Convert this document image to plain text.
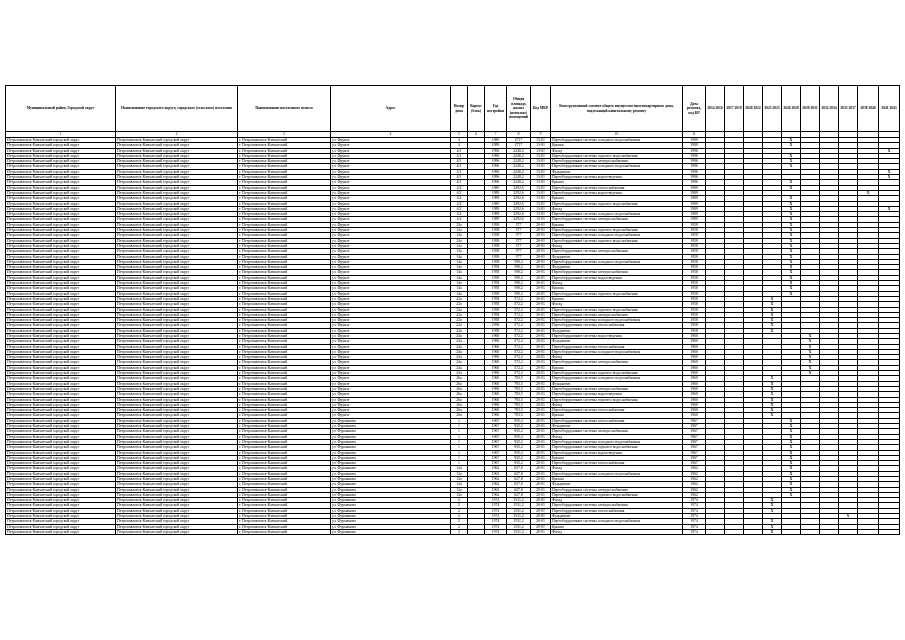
Муниципальный район, Городской округ	Наименование городского округа, городского (сельского) поселения	Наименование населенного пункта	Адрес	Номер дома	Корпус (блок)	Год постройки	Общая площадь жилых (нежилых) помещений	Код МКР	Конструктивный элемент общего имущества многоквартирного дома, подлежащий капитальному ремонту	Дата ремонта, код КР	2014 2016	2017 2019	2020 2022	2023 2025	2026 2028	2029 2031	2032 2034	2035 2037	2038 2040	2041 2043
1	2	3	4	5	6	7	8	9	10	11										
Петропавловск-Камчатский городской округ	Петропавловск-Камчатский городской округ	г. Петропавловск-Камчатский	ул. Фрунзе	4		1989	2717	13-01	Переоборудование системы холодного водоснабжения	1989					X					
Петропавловск-Камчатский городской округ	Петропавловск-Камчатский городской округ	г. Петропавловск-Камчатский	ул. Фрунзе	4		1989	2717	13-01	Крыша	1989					X					
Петропавловск-Камчатский городской округ	Петропавловск-Камчатский городской округ	г. Петропавловск-Камчатский	ул. Фрунзе	4/1		1996	2240,2	13-01	Фасад	1996										X
Петропавловск-Камчатский городской округ	Петропавловск-Камчатский городской округ	г. Петропавловск-Камчатский	ул. Фрунзе	4/1		1996	2240,2	13-01	Переоборудование системы горячего водоснабжения	1996					X					
Петропавловск-Камчатский городской округ	Петропавловск-Камчатский городской округ	г. Петропавловск-Камчатский	ул. Фрунзе	4/1		1996	2240,2	13-01	Переоборудование системы электроснабжения	1996					X					
Петропавловск-Камчатский городской округ	Петропавловск-Камчатский городской округ	г. Петропавловск-Камчатский	ул. Фрунзе	4/1		1996	2240,2	13-01	Переоборудование системы холодного водоснабжения	1996					X					
Петропавловск-Камчатский городской округ	Петропавловск-Камчатский городской округ	г. Петропавловск-Камчатский	ул. Фрунзе	4/1		1996	2240,2	13-01	Фундамент	1996										X
Петропавловск-Камчатский городской округ	Петропавловск-Камчатский городской округ	г. Петропавловск-Камчатский	ул. Фрунзе	4/1		1996	2240,2	13-01	Переоборудование системы водоотведения	1996										X
Петропавловск-Камчатский городской округ	Петропавловск-Камчатский городской округ	г. Петропавловск-Камчатский	ул. Фрунзе	4/1		1996	2240,2	13-01	Крыша	1996					X					
Петропавловск-Камчатский городской округ	Петропавловск-Камчатский городской округ	г. Петропавловск-Камчатский	ул. Фрунзе	4/2		1989	3292,6	13-01	Переоборудование системы теплоснабжения	1989					X					
Петропавловск-Камчатский городской округ	Петропавловск-Камчатский городской округ	г. Петропавловск-Камчатский	ул. Фрунзе	4/2		1989	3292,6	13-01	Переоборудование системы водоотведения	1989									X	
Петропавловск-Камчатский городской округ	Петропавловск-Камчатский городской округ	г. Петропавловск-Камчатский	ул. Фрунзе	4/2		1989	3292,6	13-01	Крыша	1989					X					
Петропавловск-Камчатский городской округ	Петропавловск-Камчатский городской округ	г. Петропавловск-Камчатский	ул. Фрунзе	4/2		1989	3292,6	13-01	Переоборудование системы горячего водоснабжения	1989					X					
Петропавловск-Камчатский городской округ	Петропавловск-Камчатский городской округ	г. Петропавловск-Камчатский	ул. Фрунзе	4/2		1989	3292,6	13-01	Фасад	1989					X					X
Петропавловск-Камчатский городской округ	Петропавловск-Камчатский городской округ	г. Петропавловск-Камчатский	ул. Фрунзе	4/2		1989	3292,6	13-01	Переоборудование системы холодного водоснабжения	1989					X					
Петропавловск-Камчатский городской округ	Петропавловск-Камчатский городской округ	г. Петропавловск-Камчатский	ул. Фрунзе	4/2		1989	3292,6	13-01	Переоборудование системы электроснабжения	1989					X					
Петропавловск-Камчатский городской округ	Петропавловск-Камчатский городской округ	г. Петропавловск-Камчатский	ул. Фрунзе	12а		1958	377	20-01	Крыша	1958					X					
Петропавловск-Камчатский городской округ	Петропавловск-Камчатский городской округ	г. Петропавловск-Камчатский	ул. Фрунзе	12а		1958	377	20-01	Переоборудование системы горячего водоснабжения	1958					X					
Петропавловск-Камчатский городской округ	Петропавловск-Камчатский городской округ	г. Петропавловск-Камчатский	ул. Фрунзе	12а		1958	377	20-01	Переоборудование системы холодного водоснабжения	1958					X					
Петропавловск-Камчатский городской округ	Петропавловск-Камчатский городской округ	г. Петропавловск-Камчатский	ул. Фрунзе	12а		1958	377	20-01	Переоборудование системы горячего водоснабжения	1958					X					
Петропавловск-Камчатский городской округ	Петропавловск-Камчатский городской округ	г. Петропавловск-Камчатский	ул. Фрунзе	12а		1958	377	20-01	Фасад	1958					X					
Петропавловск-Камчатский городской округ	Петропавловск-Камчатский городской округ	г. Петропавловск-Камчатский	ул. Фрунзе	12а		1958	377	20-01	Переоборудование системы электроснабжения	1958					X					
Петропавловск-Камчатский городской округ	Петропавловск-Камчатский городской округ	г. Петропавловск-Камчатский	ул. Фрунзе	14а		1958	377	20-01	Фундамент	1958					X					
Петропавловск-Камчатский городской округ	Петропавловск-Камчатский городской округ	г. Петропавловск-Камчатский	ул. Фрунзе	14а		1958	590,2	20-01	Переоборудование системы холодного водоснабжения	1958					X					
Петропавловск-Камчатский городской округ	Петропавловск-Камчатский городской округ	г. Петропавловск-Камчатский	ул. Фрунзе	14а		1958	590,2	20-01	Фундамент	1958					X					
Петропавловск-Камчатский городской округ	Петропавловск-Камчатский городской округ	г. Петропавловск-Камчатский	ул. Фрунзе	14а		1958	590,2	20-01	Переоборудование системы электроснабжения	1958					X					
Петропавловск-Камчатский городской округ	Петропавловск-Камчатский городской округ	г. Петропавловск-Камчатский	ул. Фрунзе	14а		1958	590,2	20-01	Переоборудование системы водоотведения	1958					X					
Петропавловск-Камчатский городской округ	Петропавловск-Камчатский городской округ	г. Петропавловск-Камчатский	ул. Фрунзе	14а		1958	590,2	20-01	Фасад	1958					X					
Петропавловск-Камчатский городской округ	Петропавловск-Камчатский городской округ	г. Петропавловск-Камчатский	ул. Фрунзе	14а		1958	590,2	20-01	Крыша	1958					X					
Петропавловск-Камчатский городской округ	Петропавловск-Камчатский городской округ	г. Петропавловск-Камчатский	ул. Фрунзе	14а		1958	590,2	20-01	Переоборудование системы горячего водоснабжения	1958					X					
Петропавловск-Камчатский городской округ	Петропавловск-Камчатский городской округ	г. Петропавловск-Камчатский	ул. Фрунзе	22а		1958	572,2	20-01	Крыша	1958				X						
Петропавловск-Камчатский городской округ	Петропавловск-Камчатский городской округ	г. Петропавловск-Камчатский	ул. Фрунзе	22а		1958	572,2	20-01	Фасад	1958				X						
Петропавловск-Камчатский городской округ	Петропавловск-Камчатский городской округ	г. Петропавловск-Камчатский	ул. Фрунзе	22а		1958	572,2	20-01	Переоборудование системы горячего водоснабжения	1958				X						
Петропавловск-Камчатский городской округ	Петропавловск-Камчатский городской округ	г. Петропавловск-Камчатский	ул. Фрунзе	22а		1958	572,2	20-01	Переоборудование системы электроснабжения	1958				X						
Петропавловск-Камчатский городской округ	Петропавловск-Камчатский городской округ	г. Петропавловск-Камчатский	ул. Фрунзе	22а		1958	572,2	20-01	Переоборудование системы холодного водоснабжения	1958				X						
Петропавловск-Камчатский городской округ	Петропавловск-Камчатский городской округ	г. Петропавловск-Камчатский	ул. Фрунзе	22а		1958	572,2	20-01	Переоборудование системы теплоснабжения	1958				X						
Петропавловск-Камчатский городской округ	Петропавловск-Камчатский городской округ	г. Петропавловск-Камчатский	ул. Фрунзе	22а		1958	572,2	20-01	Фундамент	1958				X						
Петропавловск-Камчатский городской округ	Петропавловск-Камчатский городской округ	г. Петропавловск-Камчатский	ул. Фрунзе	24а		1960	572,2	20-01	Переоборудование системы водоотведения	1960						X				
Петропавловск-Камчатский городской округ	Петропавловск-Камчатский городской округ	г. Петропавловск-Камчатский	ул. Фрунзе	24а		1960	572,2	20-01	Фундамент	1960						X				
Петропавловск-Камчатский городской округ	Петропавловск-Камчатский городской округ	г. Петропавловск-Камчатский	ул. Фрунзе	24а		1960	572,2	20-01	Переоборудование системы теплоснабжения	1960						X				
Петропавловск-Камчатский городской округ	Петропавловск-Камчатский городской округ	г. Петропавловск-Камчатский	ул. Фрунзе	24а		1960	572,2	20-01	Переоборудование системы холодного водоснабжения	1960						X				
Петропавловск-Камчатский городской округ	Петропавловск-Камчатский городской округ	г. Петропавловск-Камчатский	ул. Фрунзе	24а		1960	572,2	20-01	Фасад	1960						X				
Петропавловск-Камчатский городской округ	Петропавловск-Камчатский городской округ	г. Петропавловск-Камчатский	ул. Фрунзе	24а		1960	572,2	20-01	Переоборудование системы электроснабжения	1960						X				
Петропавловск-Камчатский городской округ	Петропавловск-Камчатский городской округ	г. Петропавловск-Камчатский	ул. Фрунзе	24а		1960	572,2	20-01	Крыша	1960						X				
Петропавловск-Камчатский городской округ	Петропавловск-Камчатский городской округ	г. Петропавловск-Камчатский	ул. Фрунзе	24а		1960	572,2	20-01	Переоборудование системы горячего водоснабжения	1960						X				
Петропавловск-Камчатский городской округ	Петропавловск-Камчатский городской округ	г. Петропавловск-Камчатский	ул. Фрунзе	26а		1960	783,5	20-01	Переоборудование системы холодного водоснабжения	1960				X						
Петропавловск-Камчатский городской округ	Петропавловск-Камчатский городской округ	г. Петропавловск-Камчатский	ул. Фрунзе	26а		1960	783,5	20-01	Фундамент	1960				X						
Петропавловск-Камчатский городской округ	Петропавловск-Камчатский городской округ	г. Петропавловск-Камчатский	ул. Фрунзе	26а		1960	783,5	20-01	Переоборудование системы электроснабжения	1960				X						
Петропавловск-Камчатский городской округ	Петропавловск-Камчатский городской округ	г. Петропавловск-Камчатский	ул. Фрунзе	26а		1960	783,5	20-01	Переоборудование системы водоотведения	1960				X						
Петропавловск-Камчатский городской округ	Петропавловск-Камчатский городской округ	г. Петропавловск-Камчатский	ул. Фрунзе	26а		1960	783,5	20-01	Переоборудование системы горячего водоснабжения	1960				X						
Петропавловск-Камчатский городской округ	Петропавловск-Камчатский городской округ	г. Петропавловск-Камчатский	ул. Фрунзе	26а		1960	783,5	20-01	Фасад	1960				X						
Петропавловск-Камчатский городской округ	Петропавловск-Камчатский городской округ	г. Петропавловск-Камчатский	ул. Фрунзе	26а		1960	783,5	20-01	Переоборудование системы теплоснабжения	1960				X						
Петропавловск-Камчатский городской округ	Петропавловск-Камчатский городской округ	г. Петропавловск-Камчатский	ул. Фрунзе	26а		1960	783,5	20-01	Крыша	1960				X						
Петропавловск-Камчатский городской округ	Петропавловск-Камчатский городской округ	г. Петропавловск-Камчатский	ул. Фурманова	1		1967	935,2	20-01	Переоборудование системы теплоснабжения	1967					X					
Петропавловск-Камчатский городской округ	Петропавловск-Камчатский городской округ	г. Петропавловск-Камчатский	ул. Фурманова	1		1967	935,2	20-01	Фундамент	1967					X					
Петропавловск-Камчатский городской округ	Петропавловск-Камчатский городской округ	г. Петропавловск-Камчатский	ул. Фурманова	1		1967	935,2	20-01	Переоборудование системы электроснабжения	1967					X					
Петропавловск-Камчатский городской округ	Петропавловск-Камчатский городской округ	г. Петропавловск-Камчатский	ул. Фурманова	1		1967	935,2	20-01	Фасад	1967					X					
Петропавловск-Камчатский городской округ	Петропавловск-Камчатский городской округ	г. Петропавловск-Камчатский	ул. Фурманова	1		1967	935,2	20-01	Переоборудование системы холодного водоснабжения	1967					X					
Петропавловск-Камчатский городской округ	Петропавловск-Камчатский городской округ	г. Петропавловск-Камчатский	ул. Фурманова	1		1967	935,2	20-01	Переоборудование системы горячего водоснабжения	1967					X					
Петропавловск-Камчатский городской округ	Петропавловск-Камчатский городской округ	г. Петропавловск-Камчатский	ул. Фурманова	1		1967	935,2	20-01	Переоборудование системы водоотведения	1967					X					
Петропавловск-Камчатский городской округ	Петропавловск-Камчатский городской округ	г. Петропавловск-Камчатский	ул. Фурманова	1		1967	935,2	20-01	Крыша	1967					X					
Петропавловск-Камчатский городской округ	Петропавловск-Камчатский городской округ	г. Петропавловск-Камчатский	ул. Фурманова	1		1967	935,2	20-01	Переоборудование системы теплоснабжения	1967					X					
Петропавловск-Камчатский городской округ	Петропавловск-Камчатский городской округ	г. Петропавловск-Камчатский	ул. Фурманова	12а		1962	627,8	20-01	Фасад	1962					X					
Петропавловск-Камчатский городской округ	Петропавловск-Камчатский городской округ	г. Петропавловск-Камчатский	ул. Фурманова	12а		1962	627,8	20-01	Переоборудование системы холодного водоснабжения	1962					X					
Петропавловск-Камчатский городской округ	Петропавловск-Камчатский городской округ	г. Петропавловск-Камчатский	ул. Фурманова	12а		1962	627,8	20-01	Крыша	1962					X					
Петропавловск-Камчатский городской округ	Петропавловск-Камчатский городской округ	г. Петропавловск-Камчатский	ул. Фурманова	12а		1962	627,8	20-01	Фундамент	1962					X					
Петропавловск-Камчатский городской округ	Петропавловск-Камчатский городской округ	г. Петропавловск-Камчатский	ул. Фурманова	12а		1962	627,8	20-01	Переоборудование системы электроснабжения	1962					X					
Петропавловск-Камчатский городской округ	Петропавловск-Камчатский городской округ	г. Петропавловск-Камчатский	ул. Фурманова	12а		1962	627,8	20-01	Переоборудование системы горячего водоснабжения	1962					X					
Петропавловск-Камчатский городской округ	Петропавловск-Камчатский городской округ	г. Петропавловск-Камчатский	ул. Фурманова	2		1974	1531,2	20-01	Фасад	1974				X						
Петропавловск-Камчатский городской округ	Петропавловск-Камчатский городской округ	г. Петропавловск-Камчатский	ул. Фурманова	2		1974	1531,2	20-01	Переоборудование системы электроснабжения	1974				X						
Петропавловск-Камчатский городской округ	Петропавловск-Камчатский городской округ	г. Петропавловск-Камчатский	ул. Фурманова	2		1974	1531,2	20-01	Переоборудование системы теплоснабжения	1974				X						
Петропавловск-Камчатский городской округ	Петропавловск-Камчатский городской округ	г. Петропавловск-Камчатский	ул. Фурманова	2		1974	1531,2	20-01	Фундамент	1974								X		
Петропавловск-Камчатский городской округ	Петропавловск-Камчатский городской округ	г. Петропавловск-Камчатский	ул. Фурманова	2		1974	1531,2	20-01	Переоборудование системы холодного водоснабжения	1974				X						
Петропавловск-Камчатский городской округ	Петропавловск-Камчатский городской округ	г. Петропавловск-Камчатский	ул. Фурманова	2		1974	1531,2	20-01	Крыша	1974				X						
Петропавловск-Камчатский городской округ	Петропавловск-Камчатский городской округ	г. Петропавловск-Камчатский	ул. Фурманова	2		1974	1531,2	20-01	Фасад	1974				X						
